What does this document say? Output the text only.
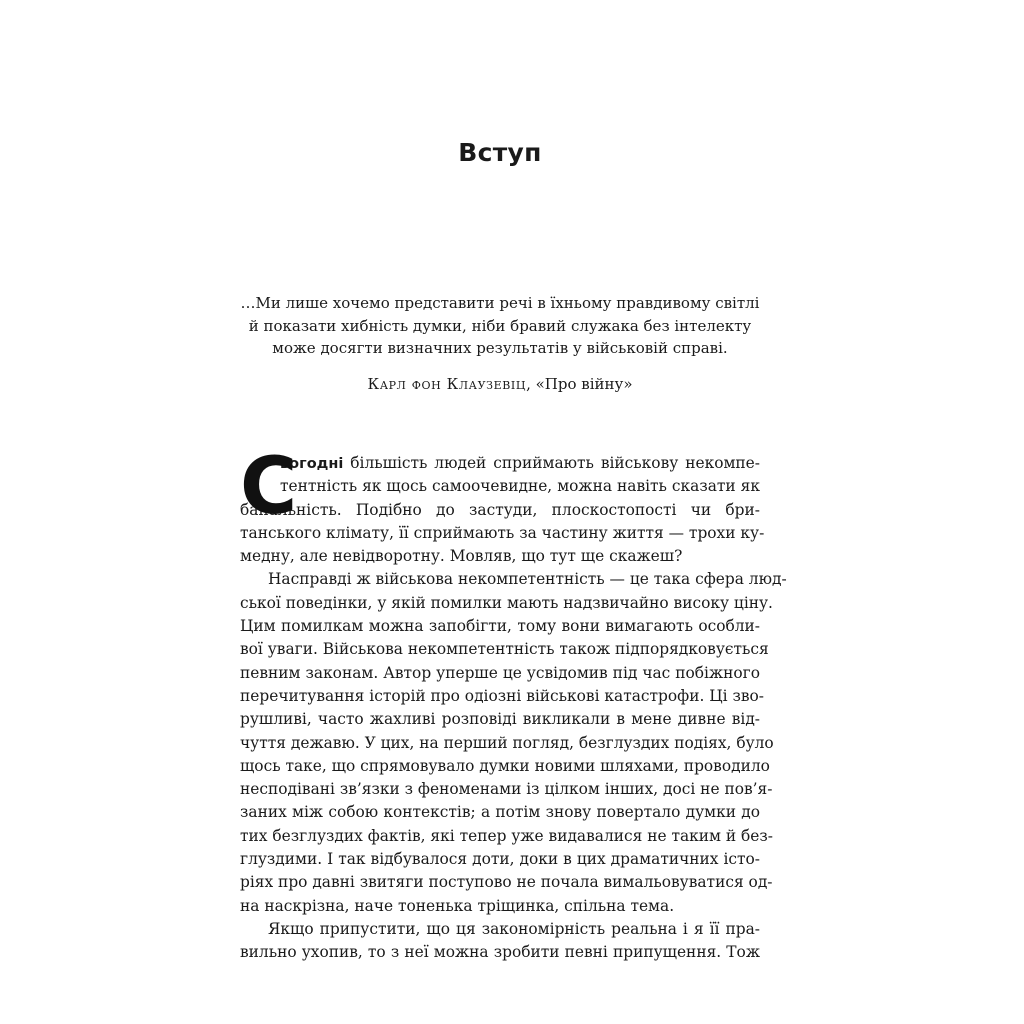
Вступ

…Ми лише хочемо представити речі в їхньому правдивому світлі
й показати хибність думки, ніби бравий служака без інтелекту
може досягти визначних результатів у військовій справі.

Карл фон Клаузевіц, «Про війну»

С
ьогодні більшість людей сприймають військову некомпе-
тентність як щось самоочевидне, можна навіть сказати як
банальність. Подібно до застуди, плоскостопості чи бри-
танського клімату, її сприймають за частину життя — трохи ку-
медну, але невідворотну. Мовляв, що тут ще скажеш?
Насправді ж військова некомпетентність — це така сфера люд-
ської поведінки, у якій помилки мають надзвичайно високу ціну.
Цим помилкам можна запобігти, тому вони вимагають особли-
вої уваги. Військова некомпетентність також підпорядковується
певним законам. Автор уперше це усвідомив під час побіжного
перечитування історій про одіозні військові катастрофи. Ці зво-
рушливі, часто жахливі розповіді викликали в мене дивне від-
чуття дежавю. У цих, на перший погляд, безглуздих подіях, було
щось таке, що спрямовувало думки новими шляхами, проводило
несподівані зв’язки з феноменами із цілком інших, досі не пов’я-
заних між собою контекстів; а потім знову повертало думки до
тих безглуздих фактів, які тепер уже видавалися не таким й без-
глуздими. І так відбувалося доти, доки в цих драматичних істо-
ріях про давні звитяги поступово не почала вимальовуватися од-
на наскрізна, наче тоненька тріщинка, спільна тема.
Якщо припустити, що ця закономірність реальна і я її пра-
вильно ухопив, то з неї можна зробити певні припущення. Тож
